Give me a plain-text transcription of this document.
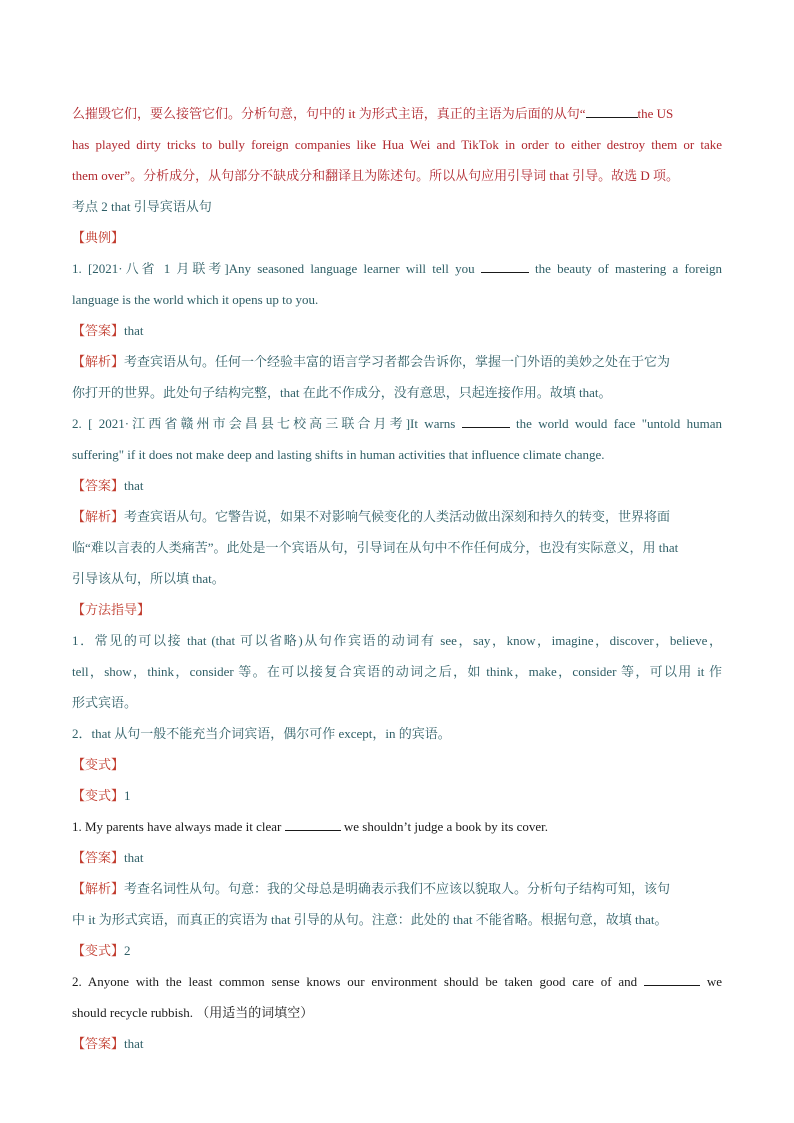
么摧毁它们，要么接管它们。分析句意，句中的 it 为形式主语，真正的主语为后面的从句“	the US
has played dirty tricks to bully foreign companies like Hua Wei and TikTok in order to either destroy them or take
them over”。分析成分，从句部分不缺成分和翻译且为陈述句。所以从句应用引导词 that 引导。故选 D 项。
考点 2 that 引导宾语从句
【典例】
1. [2021·八省 1 月联考]Any seasoned language learner will tell you	the beauty of mastering a foreign
language is the world which it opens up to you.
【答案】that
【解析】考查宾语从句。任何一个经验丰富的语言学习者都会告诉你，掌握一门外语的美妙之处在于它为
你打开的世界。此处句子结构完整，that 在此不作成分，没有意思，只起连接作用。故填 that。
2. [ 2021·江西省赣州市会昌县七校高三联合月考]It warns	the world would face "untold human
suffering" if it does not make deep and lasting shifts in human activities that influence climate change.
【答案】that
【解析】考查宾语从句。它警告说，如果不对影响气候变化的人类活动做出深刻和持久的转变，世界将面
临“难以言表的人类痛苦”。此处是一个宾语从句，引导词在从句中不作任何成分，也没有实际意义，用 that
引导该从句，所以填 that。
【方法指导】
1．常见的可以接 that (that 可以省略)从句作宾语的动词有 see，say，know，imagine，discover，believe，
tell，show，think，consider 等。在可以接复合宾语的动词之后，如 think，make，consider 等，可以用 it 作
形式宾语。
2．that 从句一般不能充当介词宾语，偶尔可作 except，in 的宾语。
【变式】
【变式】1
1. My parents have always made it clear	we shouldn’t judge a book by its cover.
【答案】that
【解析】考查名词性从句。句意：我的父母总是明确表示我们不应该以貌取人。分析句子结构可知，该句
中 it 为形式宾语，而真正的宾语为 that 引导的从句。注意：此处的 that 不能省略。根据句意，故填 that。
【变式】2
2. Anyone with the least common sense knows our environment should be taken good care of and	we
should recycle rubbish. （用适当的词填空）
【答案】that
